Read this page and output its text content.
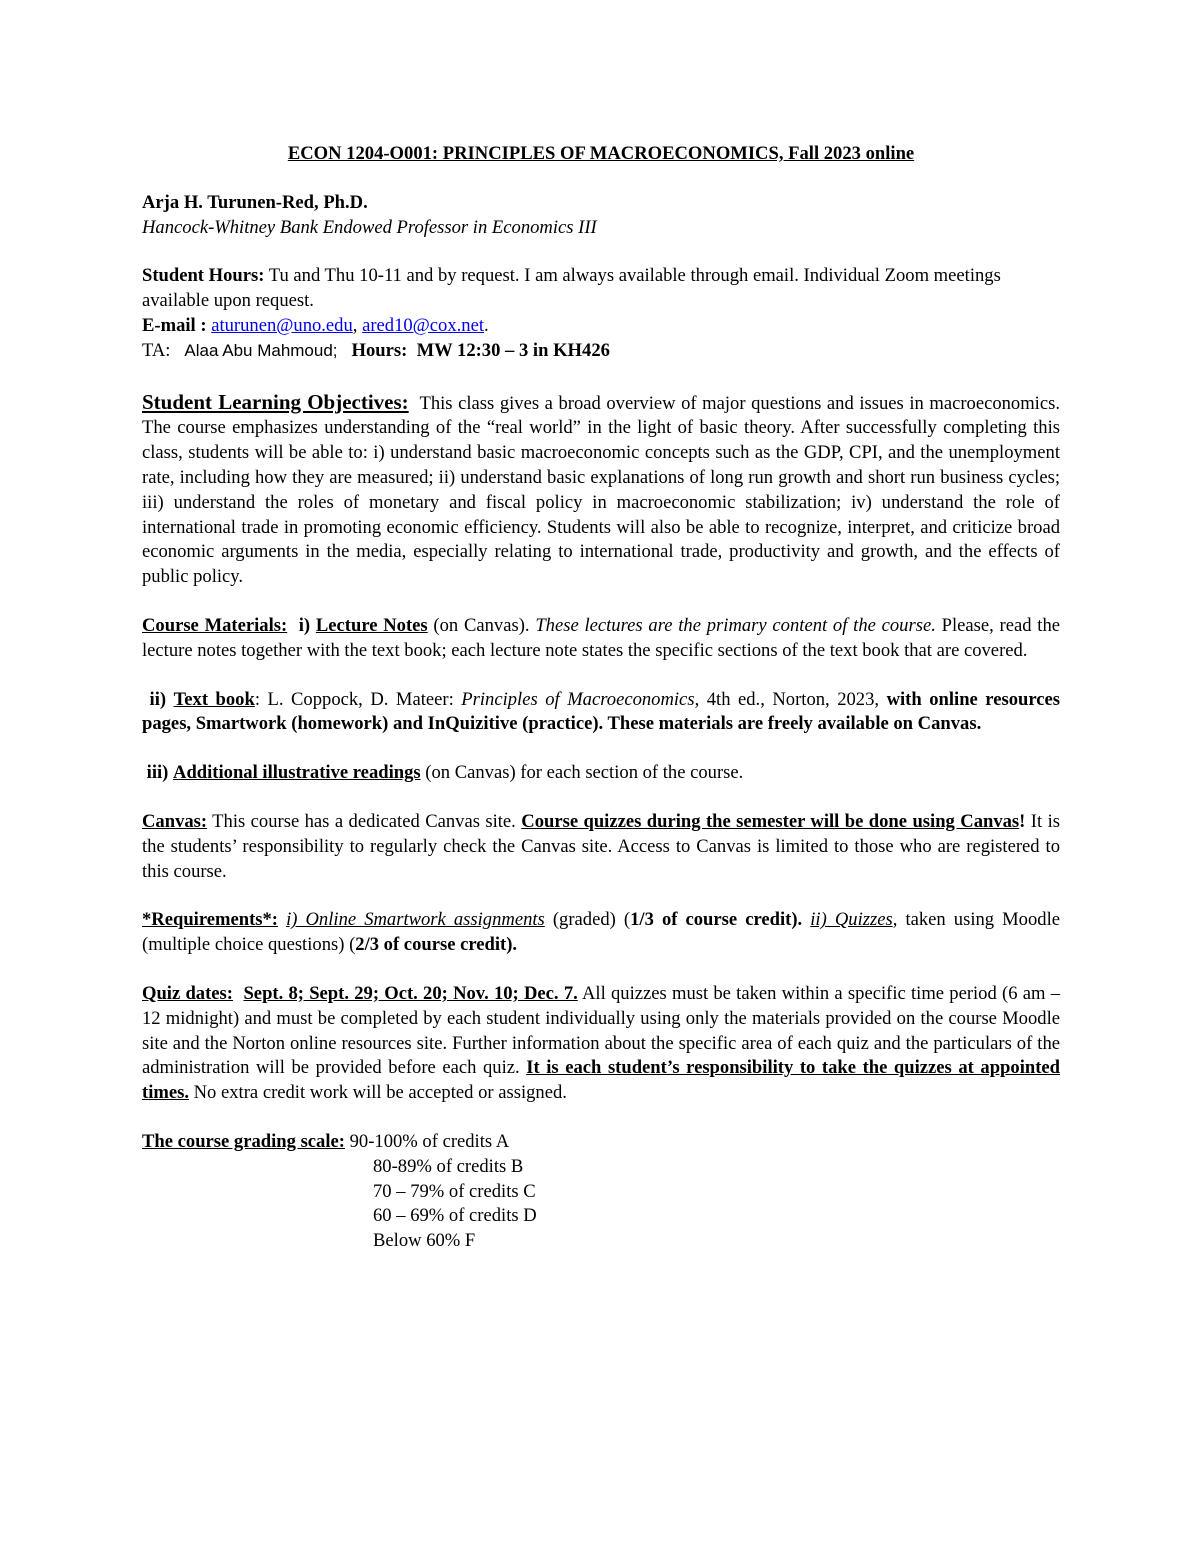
ECON 1204-O001: PRINCIPLES OF MACROECONOMICS, Fall 2023 online

Arja H. Turunen-Red, Ph.D.

Hancock-Whitney Bank Endowed Professor in Economics III

Student Hours: Tu and Thu 10-11 and by request. I am always available through email. Individual Zoom meetings available upon request.

E-mail : aturunen@uno.edu, ared10@cox.net.

TA: Alaa Abu Mahmoud; Hours: MW 12:30 – 3 in KH426

Student Learning Objectives: This class gives a broad overview of major questions and issues in macroeconomics. The course emphasizes understanding of the “real world” in the light of basic theory. After successfully completing this class, students will be able to: i) understand basic macroeconomic concepts such as the GDP, CPI, and the unemployment rate, including how they are measured; ii) understand basic explanations of long run growth and short run business cycles; iii) understand the roles of monetary and fiscal policy in macroeconomic stabilization; iv) understand the role of international trade in promoting economic efficiency. Students will also be able to recognize, interpret, and criticize broad economic arguments in the media, especially relating to international trade, productivity and growth, and the effects of public policy.

Course Materials: i) Lecture Notes (on Canvas). These lectures are the primary content of the course. Please, read the lecture notes together with the text book; each lecture note states the specific sections of the text book that are covered.

ii) Text book: L. Coppock, D. Mateer: Principles of Macroeconomics, 4th ed., Norton, 2023, with online resources pages, Smartwork (homework) and InQuizitive (practice). These materials are freely available on Canvas.

iii) Additional illustrative readings (on Canvas) for each section of the course.

Canvas: This course has a dedicated Canvas site. Course quizzes during the semester will be done using Canvas! It is the students’ responsibility to regularly check the Canvas site. Access to Canvas is limited to those who are registered to this course.

*Requirements*: i) Online Smartwork assignments (graded) (1/3 of course credit). ii) Quizzes, taken using Moodle (multiple choice questions) (2/3 of course credit).

Quiz dates: Sept. 8; Sept. 29; Oct. 20; Nov. 10; Dec. 7. All quizzes must be taken within a specific time period (6 am – 12 midnight) and must be completed by each student individually using only the materials provided on the course Moodle site and the Norton online resources site. Further information about the specific area of each quiz and the particulars of the administration will be provided before each quiz. It is each student’s responsibility to take the quizzes at appointed times. No extra credit work will be accepted or assigned.

The course grading scale: 90-100% of credits A

80-89% of credits B
70 – 79% of credits C
60 – 69% of credits D
Below 60% F
